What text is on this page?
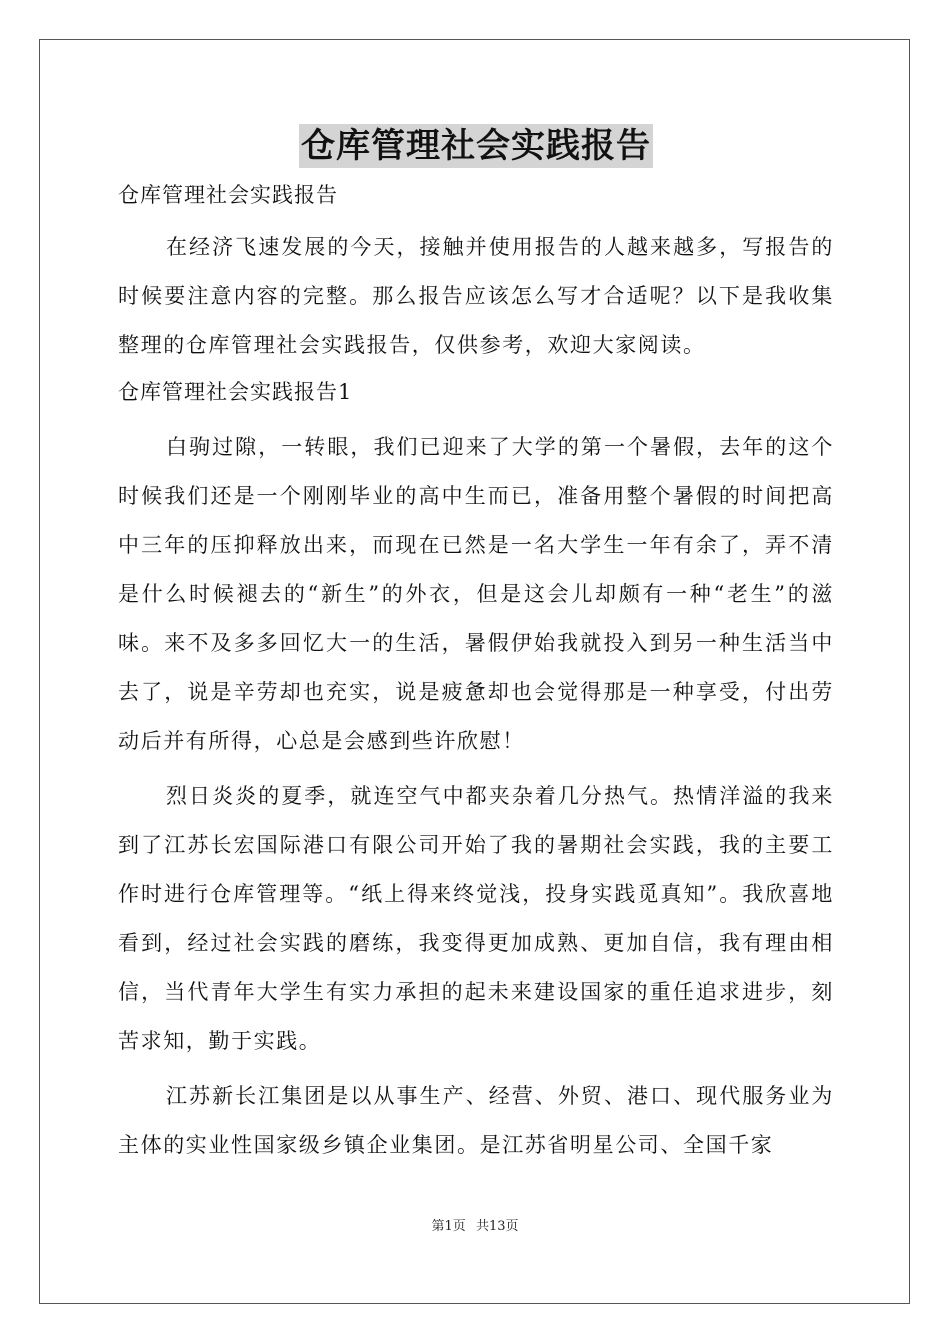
仓库管理社会实践报告

仓库管理社会实践报告

在经济飞速发展的今天，接触并使用报告的人越来越多，写报告的时候要注意内容的完整。那么报告应该怎么写才合适呢？以下是我收集整理的仓库管理社会实践报告，仅供参考，欢迎大家阅读。

仓库管理社会实践报告1

白驹过隙，一转眼，我们已迎来了大学的第一个暑假，去年的这个时候我们还是一个刚刚毕业的高中生而已，准备用整个暑假的时间把高中三年的压抑释放出来，而现在已然是一名大学生一年有余了，弄不清是什么时候褪去的“新生”的外衣，但是这会儿却颇有一种“老生”的滋味。来不及多多回忆大一的生活，暑假伊始我就投入到另一种生活当中去了，说是辛劳却也充实，说是疲惫却也会觉得那是一种享受，付出劳动后并有所得，心总是会感到些许欣慰！

烈日炎炎的夏季，就连空气中都夹杂着几分热气。热情洋溢的我来到了江苏长宏国际港口有限公司开始了我的暑期社会实践，我的主要工作时进行仓库管理等。“纸上得来终觉浅，投身实践觅真知”。我欣喜地看到，经过社会实践的磨练，我变得更加成熟、更加自信，我有理由相信，当代青年大学生有实力承担的起未来建设国家的重任追求进步，刻苦求知，勤于实践。

江苏新长江集团是以从事生产、经营、外贸、港口、现代服务业为主体的实业性国家级乡镇企业集团。是江苏省明星公司、全国千家

第1页 共13页
